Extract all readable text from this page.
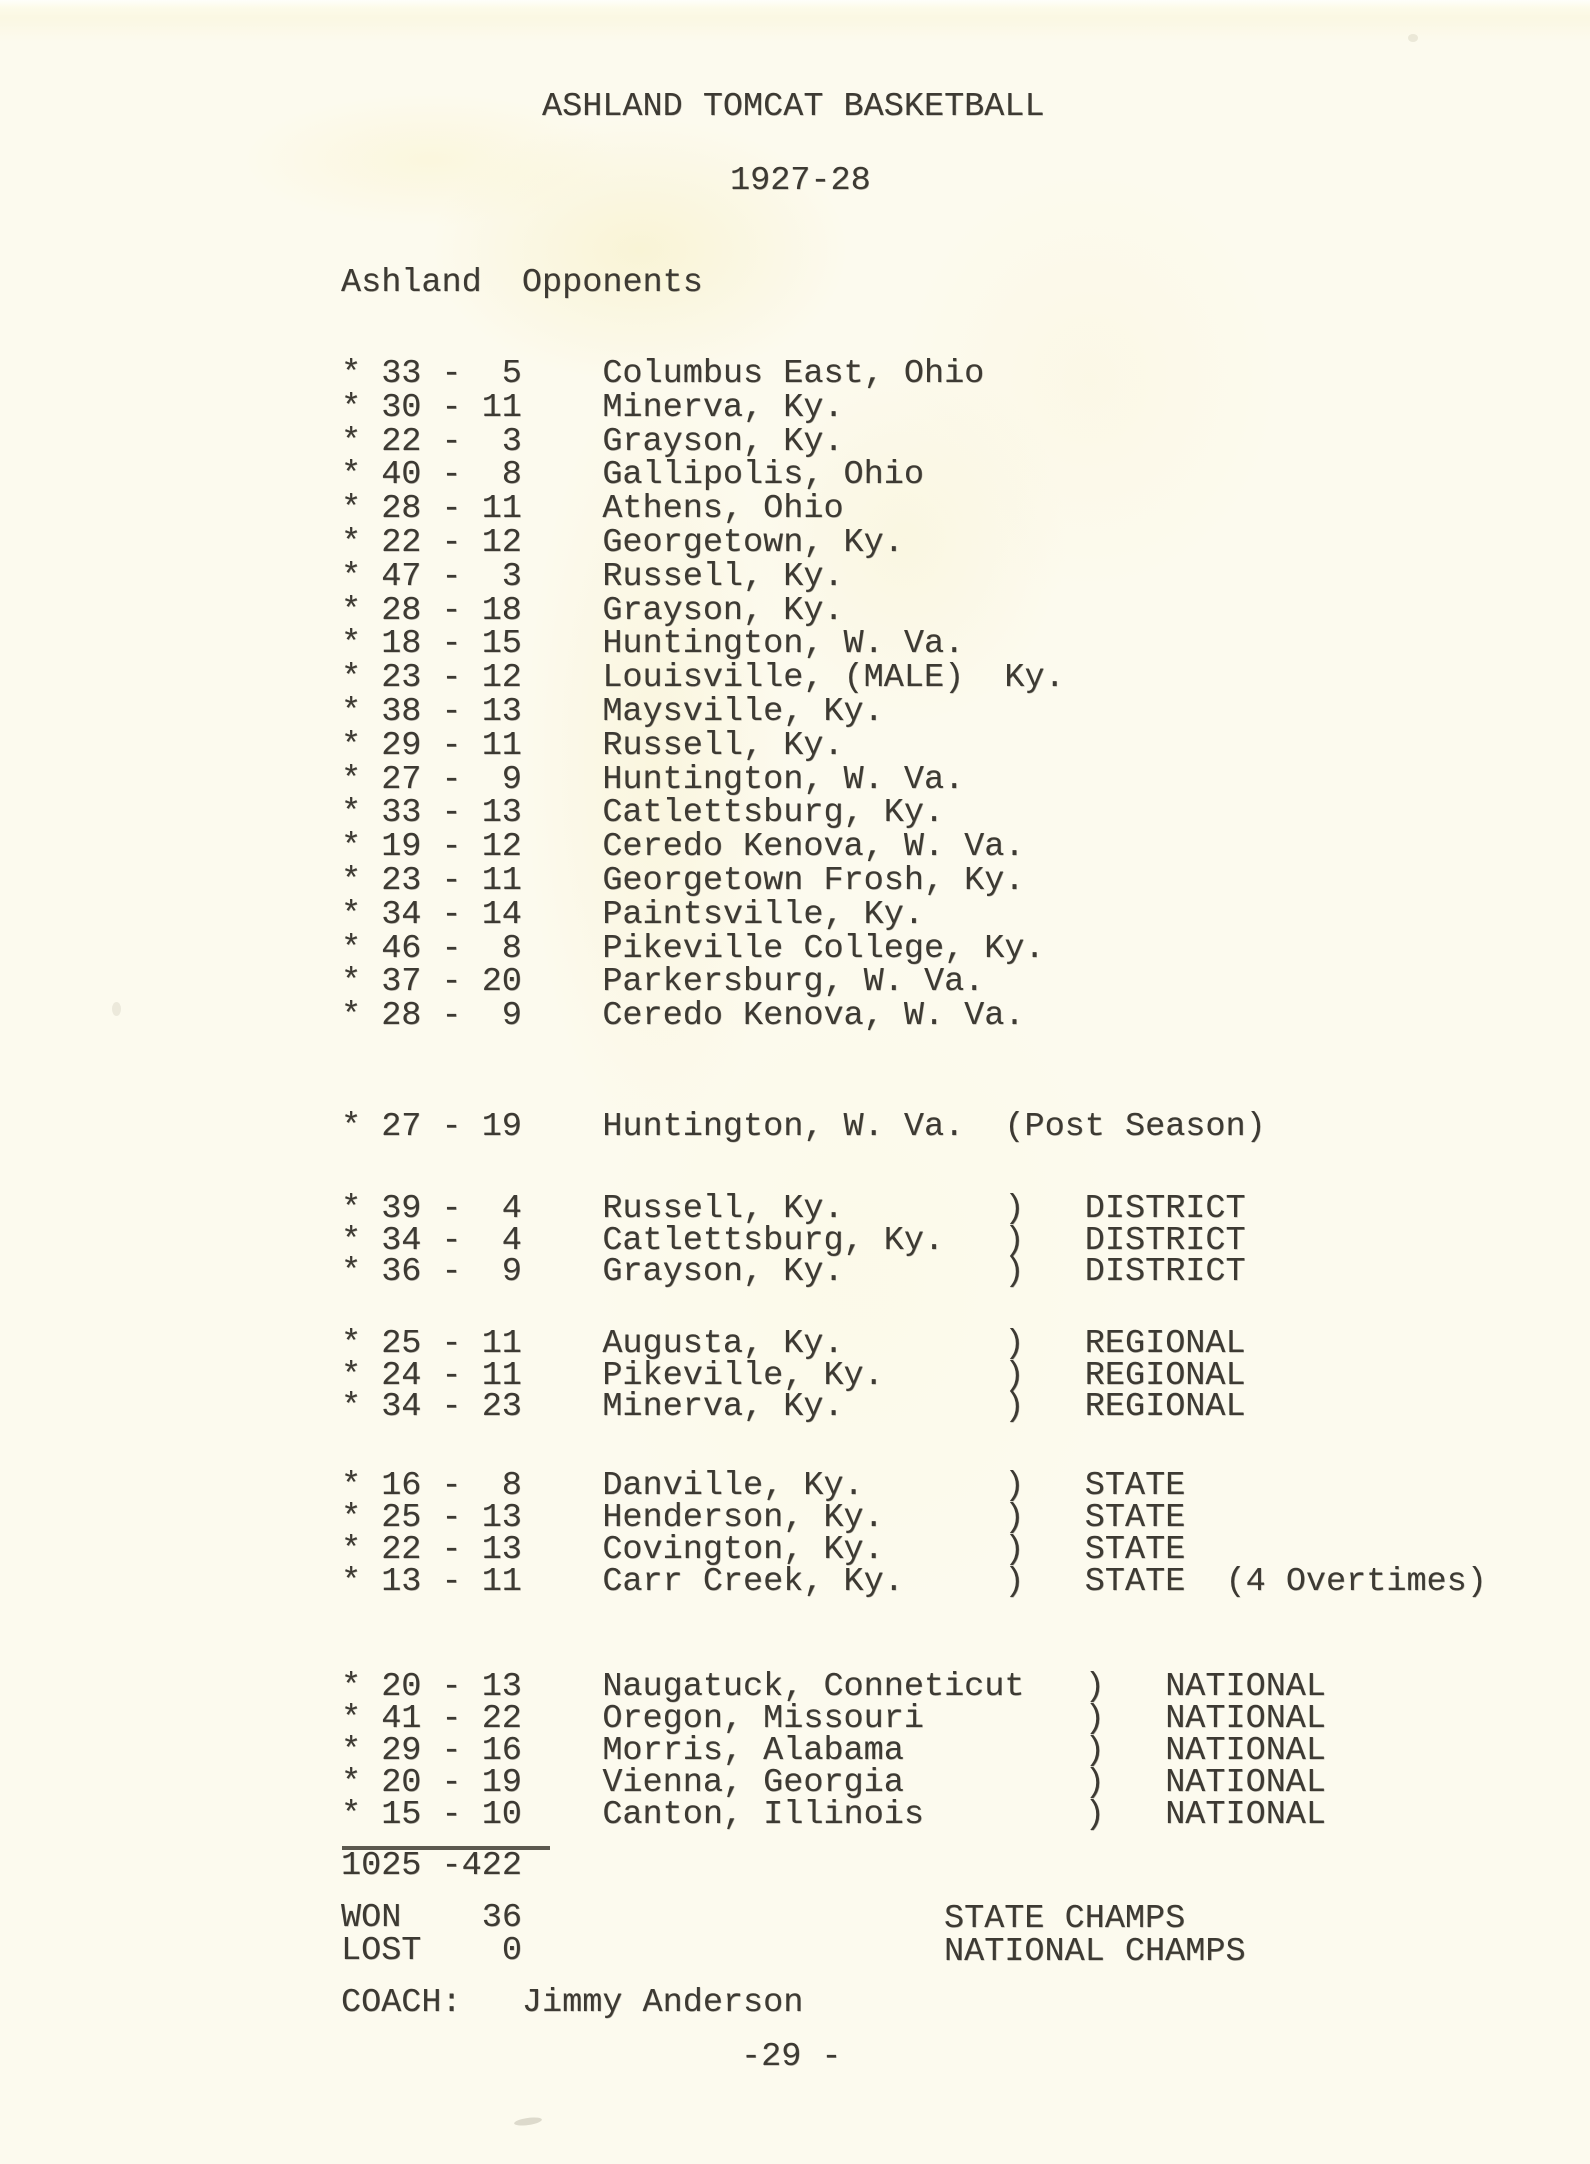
ASHLAND TOMCAT BASKETBALL
1927-28
Ashland  Opponents
* 33 -	5 Columbus East, Ohio
* 30 - 11 Minerva, Ky.
* 22 -	3 Grayson, Ky.
* 40 -	8 Gallipolis, Ohio
* 28 - 11 Athens, Ohio
* 22 - 12 Georgetown, Ky.
* 47 -	3 Russell, Ky.
* 28 - 18 Grayson, Ky.
* 18 - 15 Huntington, W. Va.
* 23 - 12 Louisville, (MALE)  Ky.
* 38 - 13 Maysville, Ky.
* 29 - 11 Russell, Ky.
* 27 -	9 Huntington, W. Va.
* 33 - 13 Catlettsburg, Ky.
* 19 - 12 Ceredo Kenova, W. Va.
* 23 - 11 Georgetown Frosh, Ky.
* 34 - 14 Paintsville, Ky.
* 46 -	8 Pikeville College, Ky.
* 37 - 20 Parkersburg, W. Va.
* 28 -	9 Ceredo Kenova, W. Va.
* 27 - 19 Huntington, W. Va.	(Post Season)
* 39 -	4 Russell, Ky.	) DISTRICT
* 34 -	4 Catlettsburg, Ky.	) DISTRICT
* 36 -	9 Grayson, Ky.	) DISTRICT
* 25 - 11 Augusta, Ky.	) REGIONAL
* 24 - 11 Pikeville, Ky.	) REGIONAL
* 34 - 23 Minerva, Ky.	) REGIONAL
* 16 -	8 Danville, Ky.	) STATE
* 25 - 13 Henderson, Ky.	) STATE
* 22 - 13 Covington, Ky.	) STATE
* 13 - 11 Carr Creek, Ky.	) STATE (4 Overtimes)
* 20 - 13 Naugatuck, Conneticut	) NATIONAL
* 41 - 22 Oregon, Missouri	) NATIONAL
* 29 - 16 Morris, Alabama	) NATIONAL
* 20 - 19 Vienna, Georgia	) NATIONAL
* 15 - 10 Canton, Illinois	) NATIONAL
1025 -422
WON	36
LOST	0
STATE CHAMPS
NATIONAL CHAMPS
COACH:	Jimmy Anderson
-29 -
